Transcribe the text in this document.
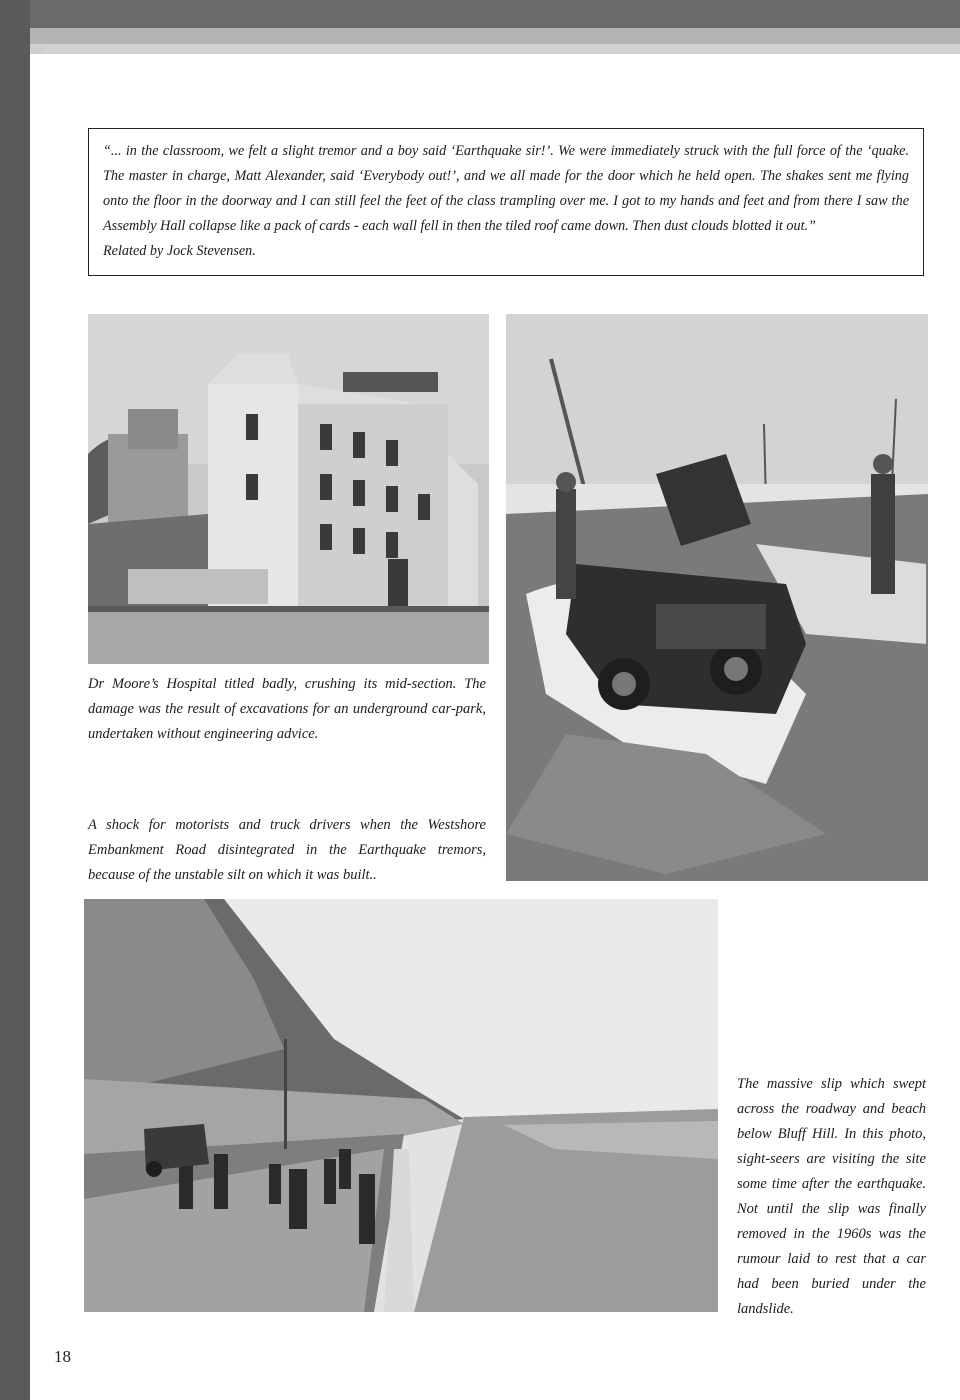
“... in the classroom, we felt a slight tremor and a boy said ‘Earthquake sir!’. We were immediately struck with the full force of the ‘quake. The master in charge, Matt Alexander, said ‘Everybody out!’, and we all made for the door which he held open. The shakes sent me flying onto the floor in the doorway and I can still feel the feet of the class trampling over me. I got to my hands and feet and from there I saw the Assembly Hall collapse like a pack of cards - each wall fell in then the tiled roof came down. Then dust clouds blotted it out.”

Related by Jock Stevensen.

Dr Moore’s Hospital titled badly, crushing its mid-section. The damage was the result of excavations for an underground car-park, undertaken without engineering advice.

A shock for motorists and truck drivers when the Westshore Embankment Road disintegrated in the Earthquake tremors, because of the unstable silt on which it was built..

The massive slip which swept across the roadway and beach below Bluff Hill. In this photo, sight-seers are visiting the site some time after the earthquake. Not until the slip was finally removed in the 1960s was the rumour laid to rest that a car had been buried under the landslide.

18
